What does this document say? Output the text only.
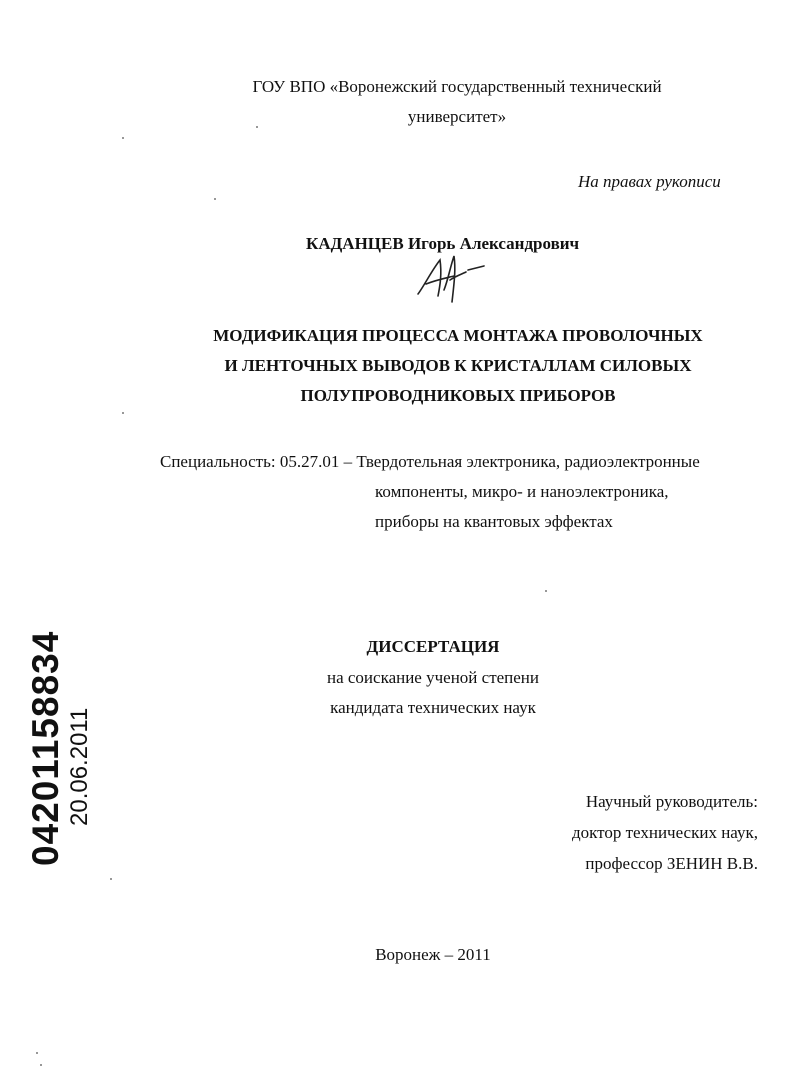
ГОУ ВПО «Воронежский государственный технический
университет»
На правах рукописи
КАДАНЦЕВ Игорь Александрович
МОДИФИКАЦИЯ ПРОЦЕССА МОНТАЖА ПРОВОЛОЧНЫХ
И ЛЕНТОЧНЫХ ВЫВОДОВ К КРИСТАЛЛАМ СИЛОВЫХ
ПОЛУПРОВОДНИКОВЫХ ПРИБОРОВ
Специальность: 05.27.01 – Твердотельная электроника, радиоэлектронные
компоненты, микро- и наноэлектроника,
приборы на квантовых эффектах
ДИССЕРТАЦИЯ
на соискание ученой степени
кандидата технических наук
Научный руководитель:
доктор технических наук,
профессор ЗЕНИН В.В.
Воронеж – 2011
04201158834 20.06.2011
